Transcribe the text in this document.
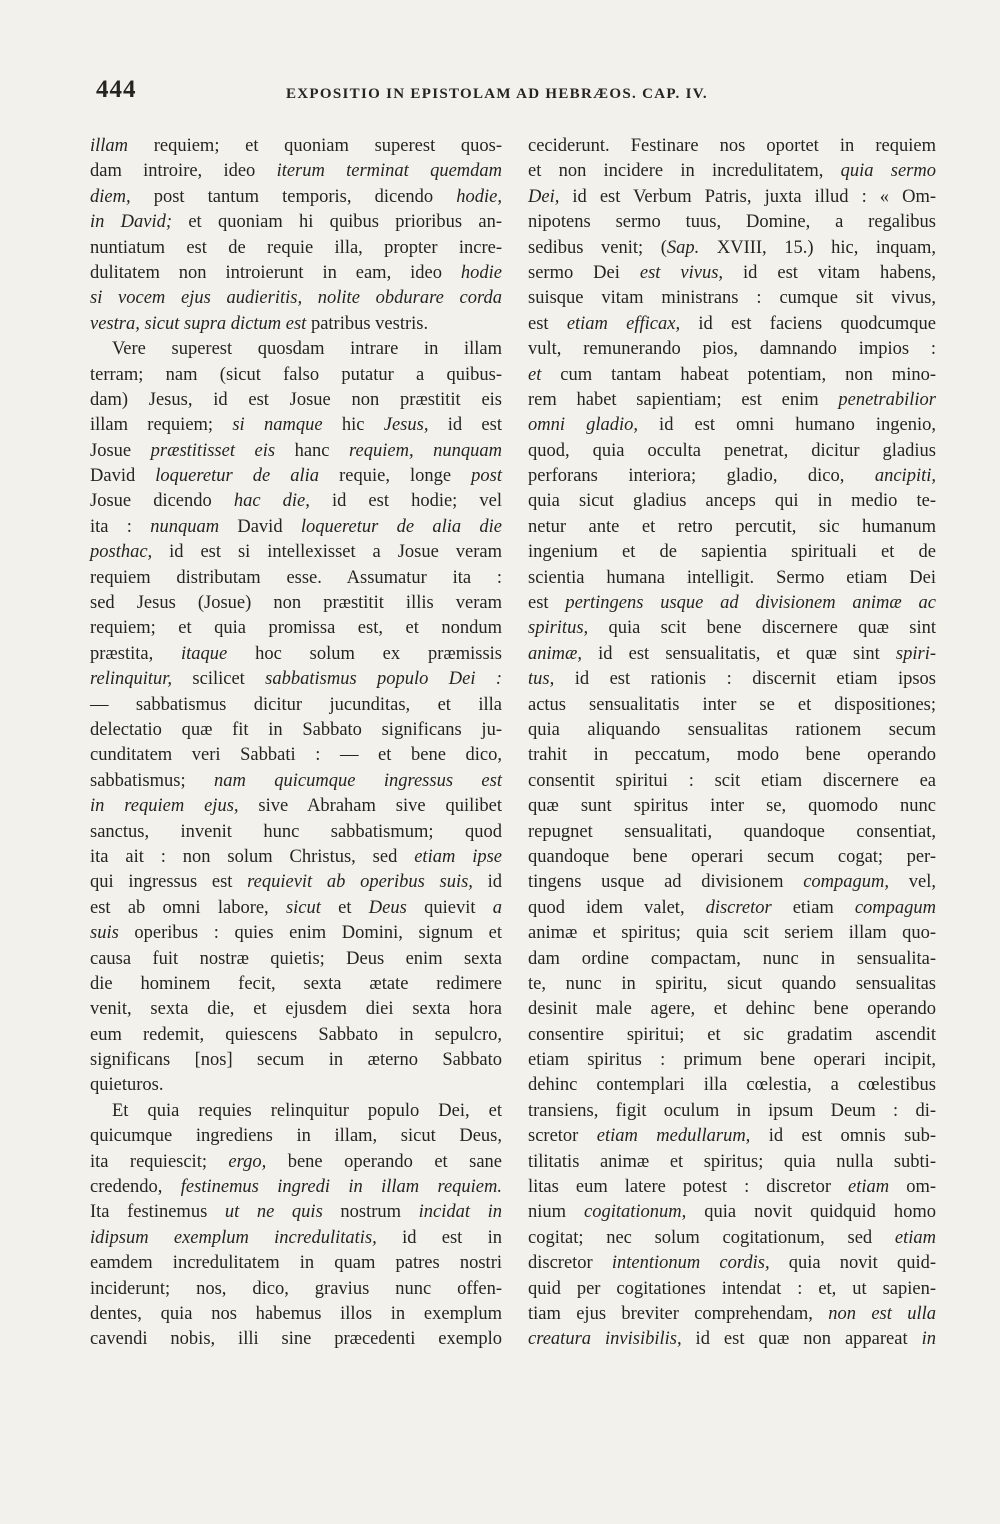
444	EXPOSITIO IN EPISTOLAM AD HEBRÆOS. CAP. IV.
illam requiem; et quoniam superest quos-
dam introire, ideo iterum terminat quemdam
diem, post tantum temporis, dicendo hodie,
in David; et quoniam hi quibus prioribus an-
nuntiatum est de requie illa, propter incre-
dulitatem non introierunt in eam, ideo hodie
si vocem ejus audieritis, nolite obdurare corda
vestra, sicut supra dictum est patribus vestris.
Vere superest quosdam intrare in illam
terram; nam (sicut falso putatur a quibus-
dam) Jesus, id est Josue non præstitit eis
illam requiem; si namque hic Jesus, id est
Josue præstitisset eis hanc requiem, nunquam
David loqueretur de alia requie, longe post
Josue dicendo hac die, id est hodie; vel
ita : nunquam David loqueretur de alia die
posthac, id est si intellexisset a Josue veram
requiem distributam esse. Assumatur ita :
sed Jesus (Josue) non præstitit illis veram
requiem; et quia promissa est, et nondum
præstita, itaque hoc solum ex præmissis
relinquitur, scilicet sabbatismus populo Dei :
— sabbatismus dicitur jucunditas, et illa
delectatio quæ fit in Sabbato significans ju-
cunditatem veri Sabbati : — et bene dico,
sabbatismus; nam quicumque ingressus est
in requiem ejus, sive Abraham sive quilibet
sanctus, invenit hunc sabbatismum; quod
ita ait : non solum Christus, sed etiam ipse
qui ingressus est requievit ab operibus suis, id
est ab omni labore, sicut et Deus quievit a
suis operibus : quies enim Domini, signum et
causa fuit nostræ quietis; Deus enim sexta
die hominem fecit, sexta ætate redimere
venit, sexta die, et ejusdem diei sexta hora
eum redemit, quiescens Sabbato in sepulcro,
significans [nos] secum in æterno Sabbato
quieturos.
Et quia requies relinquitur populo Dei, et
quicumque ingrediens in illam, sicut Deus,
ita requiescit; ergo, bene operando et sane
credendo, festinemus ingredi in illam requiem.
Ita festinemus ut ne quis nostrum incidat in
idipsum exemplum incredulitatis, id est in
eamdem incredulitatem in quam patres nostri
inciderunt; nos, dico, gravius nunc offen-
dentes, quia nos habemus illos in exemplum
cavendi nobis, illi sine præcedenti exemplo
ceciderunt. Festinare nos oportet in requiem
et non incidere in incredulitatem, quia sermo
Dei, id est Verbum Patris, juxta illud : « Om-
nipotens sermo tuus, Domine, a regalibus
sedibus venit; (Sap. XVIII, 15.) hic, inquam,
sermo Dei est vivus, id est vitam habens,
suisque vitam ministrans : cumque sit vivus,
est etiam efficax, id est faciens quodcumque
vult, remunerando pios, damnando impios :
et cum tantam habeat potentiam, non mino-
rem habet sapientiam; est enim penetrabilior
omni gladio, id est omni humano ingenio,
quod, quia occulta penetrat, dicitur gladius
perforans interiora; gladio, dico, ancipiti,
quia sicut gladius anceps qui in medio te-
netur ante et retro percutit, sic humanum
ingenium et de sapientia spirituali et de
scientia humana intelligit. Sermo etiam Dei
est pertingens usque ad divisionem animæ ac
spiritus, quia scit bene discernere quæ sint
animæ, id est sensualitatis, et quæ sint spiri-
tus, id est rationis : discernit etiam ipsos
actus sensualitatis inter se et dispositiones;
quia aliquando sensualitas rationem secum
trahit in peccatum, modo bene operando
consentit spiritui : scit etiam discernere ea
quæ sunt spiritus inter se, quomodo nunc
repugnet sensualitati, quandoque consentiat,
quandoque bene operari secum cogat; per-
tingens usque ad divisionem compagum, vel,
quod idem valet, discretor etiam compagum
animæ et spiritus; quia scit seriem illam quo-
dam ordine compactam, nunc in sensualita-
te, nunc in spiritu, sicut quando sensualitas
desinit male agere, et dehinc bene operando
consentire spiritui; et sic gradatim ascendit
etiam spiritus : primum bene operari incipit,
dehinc contemplari illa cœlestia, a cœlestibus
transiens, figit oculum in ipsum Deum : di-
scretor etiam medullarum, id est omnis sub-
tilitatis animæ et spiritus; quia nulla subti-
litas eum latere potest : discretor etiam om-
nium cogitationum, quia novit quidquid homo
cogitat; nec solum cogitationum, sed etiam
discretor intentionum cordis, quia novit quid-
quid per cogitationes intendat : et, ut sapien-
tiam ejus breviter comprehendam, non est ulla
creatura invisibilis, id est quæ non appareat in
